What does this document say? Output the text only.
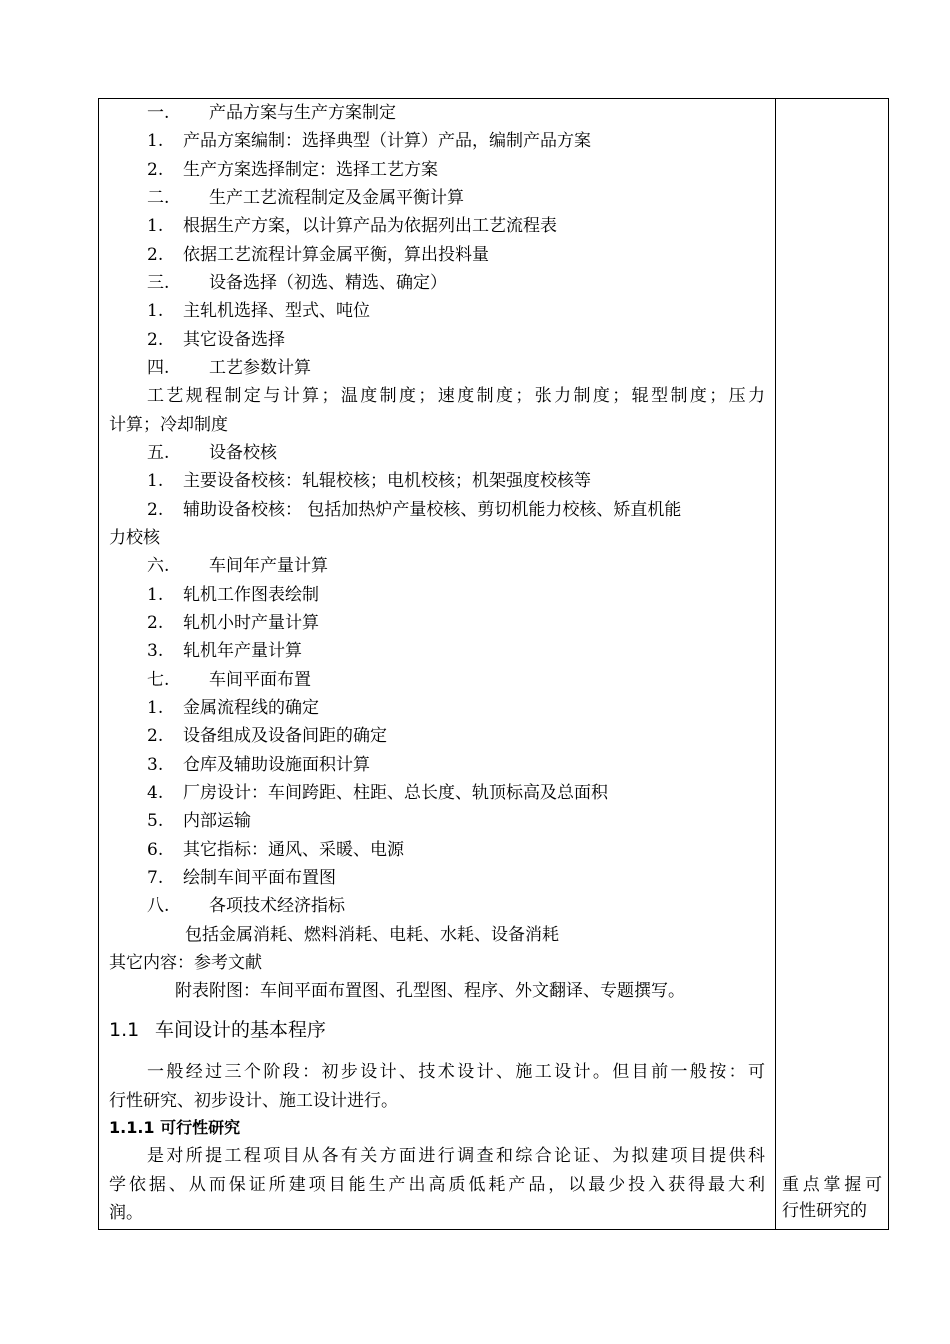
一. 产品方案与生产方案制定
1. 产品方案编制：选择典型（计算）产品，编制产品方案
2. 生产方案选择制定：选择工艺方案
二. 生产工艺流程制定及金属平衡计算
1. 根据生产方案，以计算产品为依据列出工艺流程表
2. 依据工艺流程计算金属平衡，算出投料量
三. 设备选择（初选、精选、确定）
1. 主轧机选择、型式、吨位
2. 其它设备选择
四. 工艺参数计算
工艺规程制定与计算；温度制度；速度制度；张力制度；辊型制度；压力
计算；冷却制度
五. 设备校核
1. 主要设备校核：轧辊校核；电机校核；机架强度校核等
2. 辅助设备校核： 包括加热炉产量校核、剪切机能力校核、矫直机能
力校核
六. 车间年产量计算
1. 轧机工作图表绘制
2. 轧机小时产量计算
3. 轧机年产量计算
七. 车间平面布置
1. 金属流程线的确定
2. 设备组成及设备间距的确定
3. 仓库及辅助设施面积计算
4. 厂房设计：车间跨距、柱距、总长度、轨顶标高及总面积
5. 内部运输
6. 其它指标：通风、采暖、电源
7. 绘制车间平面布置图
八. 各项技术经济指标
包括金属消耗、燃料消耗、电耗、水耗、设备消耗
其它内容：参考文献
附表附图：车间平面布置图、孔型图、程序、外文翻译、专题撰写。
1.1 车间设计的基本程序
一般经过三个阶段：初步设计、技术设计、施工设计。但目前一般按：可
行性研究、初步设计、施工设计进行。
1.1.1 可行性研究
是对所提工程项目从各有关方面进行调查和综合论证、为拟建项目提供科
学依据、从而保证所建项目能生产出高质低耗产品，以最少投入获得最大利
润。
重点掌握可
行性研究的
